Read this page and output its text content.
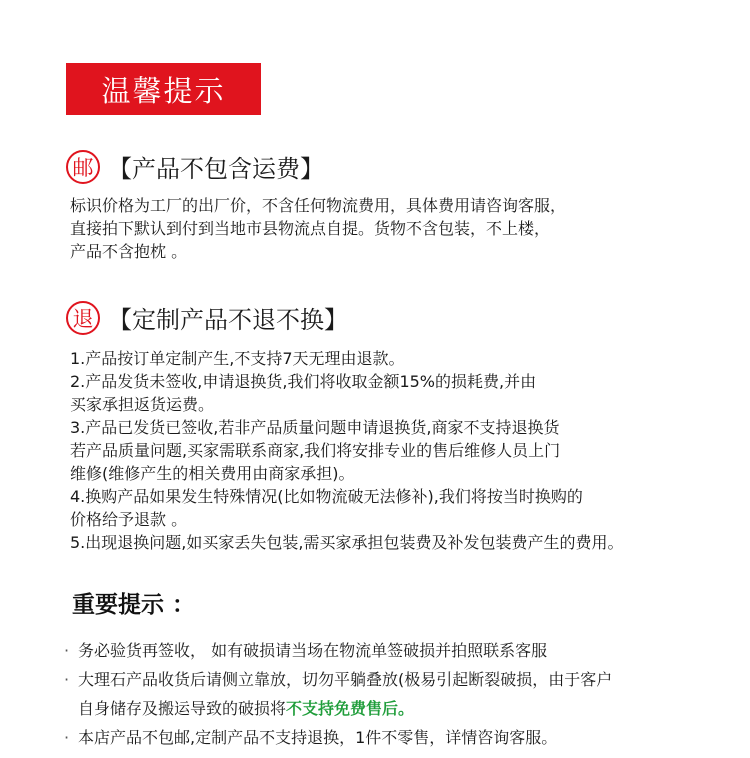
温馨提示
邮 【产品不包含运费】
标识价格为工厂的出厂价，不含任何物流费用，具体费用请咨询客服，
直接拍下默认到付到当地市县物流点自提。货物不含包装，不上楼，
产品不含抱枕 。
退 【定制产品不退不换】
1.产品按订单定制产生,不支持7天无理由退款。
2.产品发货未签收,申请退换货,我们将收取金额15%的损耗费,并由
买家承担返货运费。
3.产品已发货已签收,若非产品质量问题申请退换货,商家不支持退换货
若产品质量问题,买家需联系商家,我们将安排专业的售后维修人员上门
维修(维修产生的相关费用由商家承担)。
4.换购产品如果发生特殊情况(比如物流破无法修补),我们将按当时换购的
价格给予退款 。
5.出现退换问题,如买家丢失包装,需买家承担包装费及补发包装费产生的费用。
重要提示 ：
· 务必验货再签收， 如有破损请当场在物流单签破损并拍照联系客服
· 大理石产品收货后请侧立靠放，切勿平躺叠放(极易引起断裂破损，由于客户
自身储存及搬运导致的破损将不支持免费售后。
· 本店产品不包邮,定制产品不支持退换，1件不零售，详情咨询客服。
